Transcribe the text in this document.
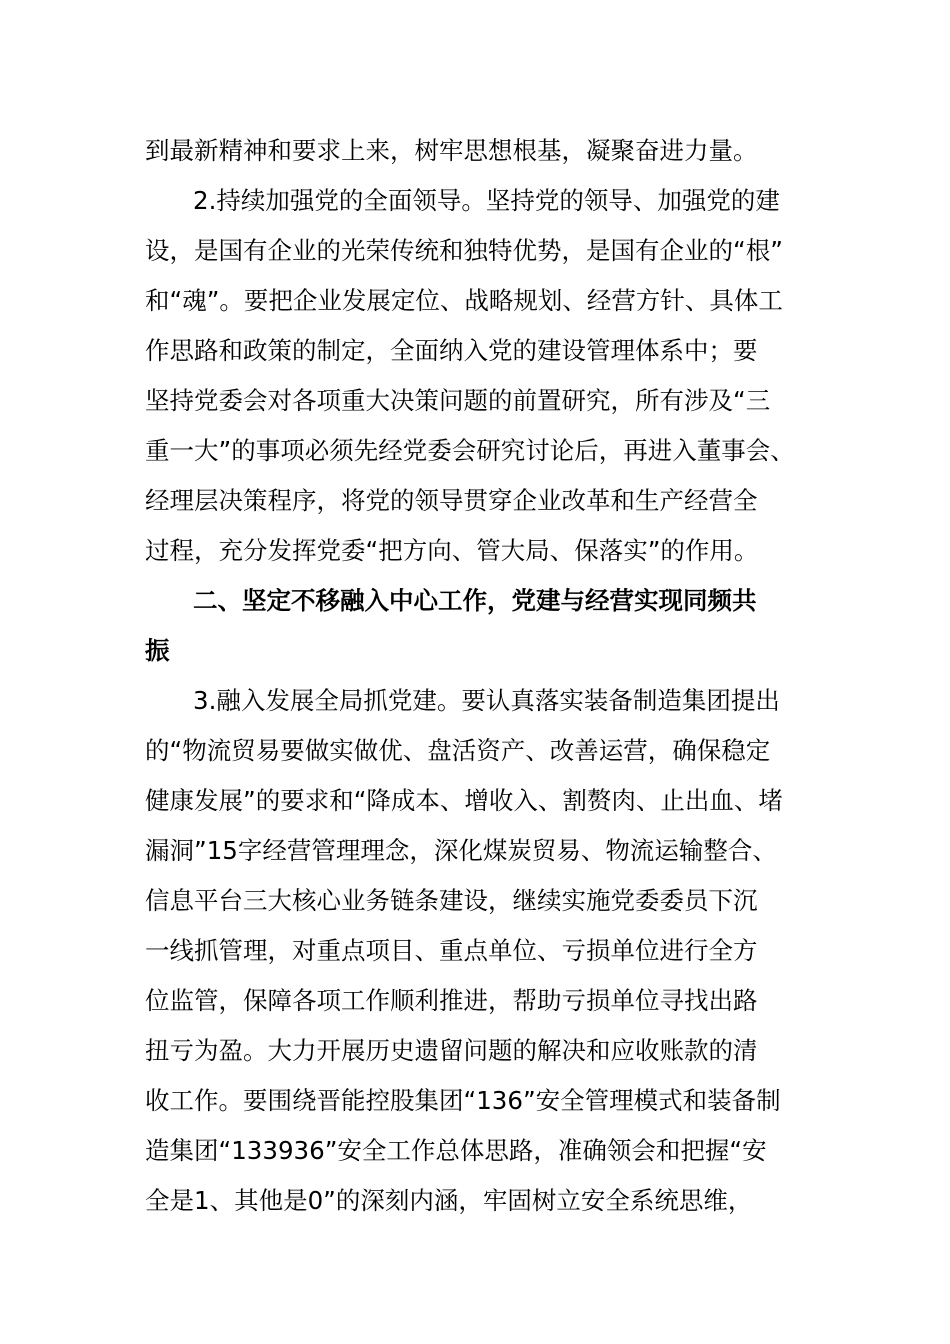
到最新精神和要求上来，树牢思想根基，凝聚奋进力量。
2.持续加强党的全面领导。坚持党的领导、加强党的建
设，是国有企业的光荣传统和独特优势，是国有企业的“根”
和“魂”。要把企业发展定位、战略规划、经营方针、具体工
作思路和政策的制定，全面纳入党的建设管理体系中；要
坚持党委会对各项重大决策问题的前置研究，所有涉及“三
重一大”的事项必须先经党委会研究讨论后，再进入董事会、
经理层决策程序，将党的领导贯穿企业改革和生产经营全
过程，充分发挥党委“把方向、管大局、保落实”的作用。
二、坚定不移融入中心工作，党建与经营实现同频共
振
3.融入发展全局抓党建。要认真落实装备制造集团提出
的“物流贸易要做实做优、盘活资产、改善运营，确保稳定
健康发展”的要求和“降成本、增收入、割赘肉、止出血、堵
漏洞”15字经营管理理念，深化煤炭贸易、物流运输整合、
信息平台三大核心业务链条建设，继续实施党委委员下沉
一线抓管理，对重点项目、重点单位、亏损单位进行全方
位监管，保障各项工作顺利推进，帮助亏损单位寻找出路
扭亏为盈。大力开展历史遗留问题的解决和应收账款的清
收工作。要围绕晋能控股集团“136”安全管理模式和装备制
造集团“133936”安全工作总体思路，准确领会和把握“安
全是1、其他是0”的深刻内涵，牢固树立安全系统思维，
